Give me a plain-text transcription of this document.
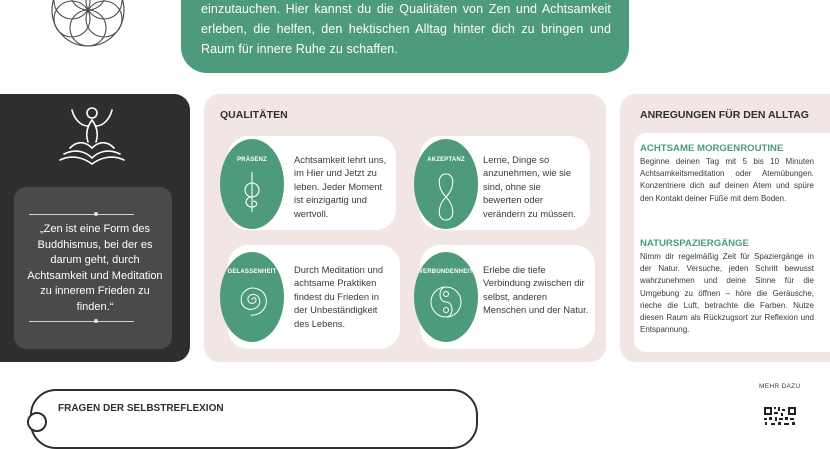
einzutauchen. Hier kannst du die Qualitäten von Zen und Achtsamkeit erleben, die helfen, den hektischen Alltag hinter dich zu bringen und Raum für innere Ruhe zu schaffen.
„Zen ist eine Form des Buddhismus, bei der es darum geht, durch Achtsamkeit und Meditation zu innerem Frieden zu finden.“
QUALITÄTEN
PRÄSENZ	Achtsamkeit lehrt uns, im Hier und Jetzt zu leben. Jeder Moment ist einzigartig und wertvoll.
AKZEPTANZ	Lerne, Dinge so anzunehmen, wie sie sind, ohne sie bewerten oder verändern zu müssen.
GELASSENHEIT	Durch Meditation und achtsame Praktiken findest du Frieden in der Unbeständigkeit des Lebens.
VERBUNDENHEIT	Erlebe die tiefe Verbindung zwischen dir selbst, anderen Menschen und der Natur.
ANREGUNGEN FÜR DEN ALLTAG
ACHTSAME MORGENROUTINE
Beginne deinen Tag mit 5 bis 10 Minuten Achtsamkeitsmeditation oder Atemübungen. Konzentriere dich auf deinen Atem und spüre den Kontakt deiner Füße mit dem Boden.
NATURSPAZIERGÄNGE
Nimm dir regelmäßig Zeit für Spaziergänge in der Natur. Versuche, jeden Schritt bewusst wahrzunehmen und deine Sinne für die Umgebung zu öffnen – höre die Geräusche, rieche die Luft, betrachte die Farben. Nutze diesen Raum als Rückzugsort zur Reflexion und Entspannung.
MEHR DAZU
FRAGEN DER SELBSTREFLEXION
